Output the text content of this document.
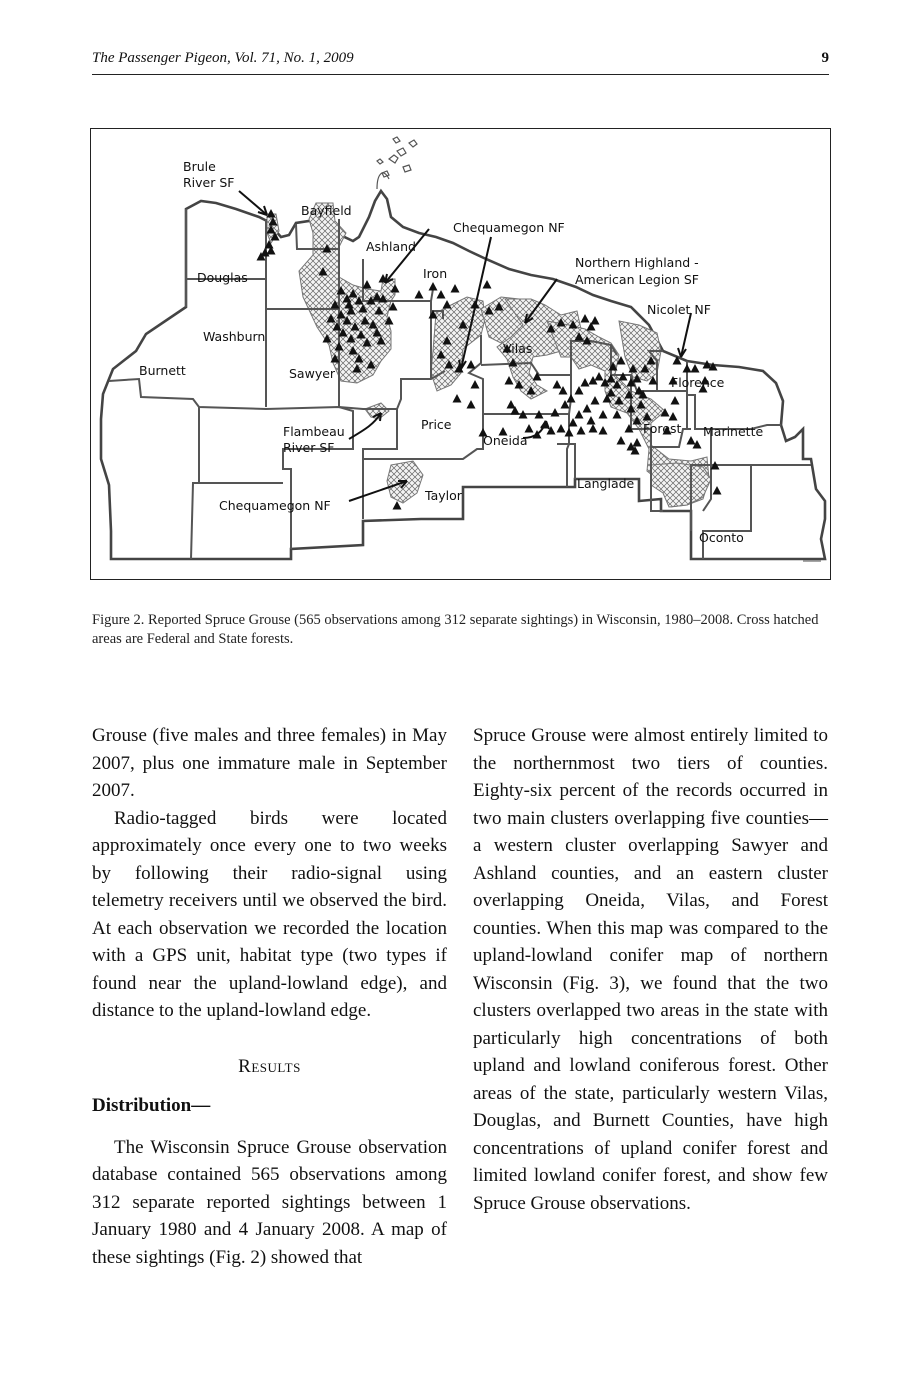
The Passenger Pigeon, Vol. 71, No. 1, 2009	9
Brule
River SF
Bayfield
Ashland
Chequamegon NF
Iron
Northern Highland -
American Legion SF
Douglas
Nicolet NF
Washburn
Vilas
Burnett	Sawyer
Florence
Flambeau
River SF
Price
Oneida
Forest Marinette
Langlade
Taylor
Chequamegon NF
Oconto
Figure 2. Reported Spruce Grouse (565 observations among 312 separate sightings) in Wisconsin, 1980–2008. Cross hatched areas are Federal and State forests.

Grouse (five males and three females) in May 2007, plus one immature male in September 2007.

Radio-tagged birds were located approximately once every one to two weeks by following their radio-signal using telemetry receivers until we observed the bird. At each observation we recorded the location with a GPS unit, habitat type (two types if found near the upland-lowland edge), and distance to the upland-lowland edge.

Results

Distribution—

The Wisconsin Spruce Grouse observation database contained 565 observations among 312 separate reported sightings between 1 January 1980 and 4 January 2008. A map of these sightings (Fig. 2) showed that

Spruce Grouse were almost entirely limited to the northernmost two tiers of counties. Eighty-six percent of the records occurred in two main clusters overlapping five counties—a western cluster overlapping Sawyer and Ashland counties, and an eastern cluster overlapping Oneida, Vilas, and Forest counties. When this map was compared to the upland-lowland conifer map of northern Wisconsin (Fig. 3), we found that the two clusters overlapped two areas in the state with particularly high concentrations of both upland and lowland coniferous forest. Other areas of the state, particularly western Vilas, Douglas, and Burnett Counties, have high concentrations of upland conifer forest and limited lowland conifer forest, and show few Spruce Grouse observations.
